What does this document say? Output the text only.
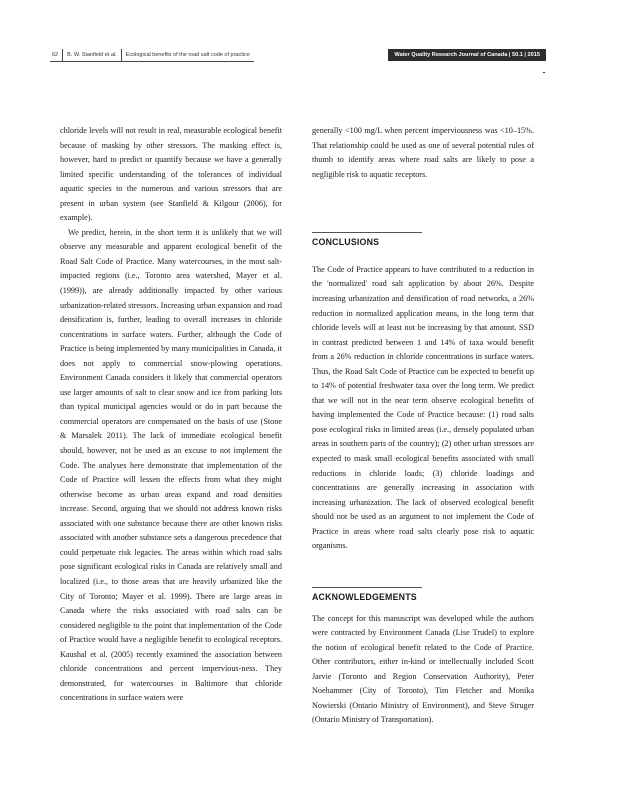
62	B. W. Stanfield et al.	Ecological benefits of the road salt code of practice	Water Quality Research Journal of Canada | 50.1 | 2015

chloride levels will not result in real, measurable ecological benefit because of masking by other stressors. The masking effect is, however, hard to predict or quantify because we have a generally limited specific understanding of the tolerances of individual aquatic species to the numerous and various stressors that are present in urban system (see Stanfield & Kilgour (2006), for example).

We predict, herein, in the short term it is unlikely that we will observe any measurable and apparent ecological benefit of the Road Salt Code of Practice. Many watercourses, in the most salt-impacted regions (i.e., Toronto area watershed, Mayer et al. (1999)), are already additionally impacted by other various urbanization-related stressors. Increasing urban expansion and road densification is, further, leading to overall increases in chloride concentrations in surface waters. Further, although the Code of Practice is being implemented by many municipalities in Canada, it does not apply to commercial snow-plowing operations. Environment Canada considers it likely that commercial operators use larger amounts of salt to clear snow and ice from parking lots than typical municipal agencies would or do in part because the commercial operators are compensated on the basis of use (Stone & Marsalek 2011). The lack of immediate ecological benefit should, however, not be used as an excuse to not implement the Code. The analyses here demonstrate that implementation of the Code of Practice will lessen the effects from what they might otherwise become as urban areas expand and road densities increase. Second, arguing that we should not address known risks associated with one substance because there are other known risks associated with another substance sets a dangerous precedence that could perpetuate risk legacies. The areas within which road salts pose significant ecological risks in Canada are relatively small and localized (i.e., to those areas that are heavily urbanized like the City of Toronto; Mayer et al. 1999). There are large areas in Canada where the risks associated with road salts can be considered negligible to the point that implementation of the Code of Practice would have a negligible benefit to ecological receptors. Kaushal et al. (2005) recently examined the association between chloride concentrations and percent impervious-ness. They demonstrated, for watercourses in Baltimore that chloride concentrations in surface waters were

generally <100 mg/L when percent imperviousness was <10–15%. That relationship could be used as one of several potential rules of thumb to identify areas where road salts are likely to pose a negligible risk to aquatic receptors.

CONCLUSIONS

The Code of Practice appears to have contributed to a reduction in the 'normalized' road salt application by about 26%. Despite increasing urbanization and densification of road networks, a 26% reduction in normalized application means, in the long term that chloride levels will at least not be increasing by that amount. SSD in contrast predicted between 1 and 14% of taxa would benefit from a 26% reduction in chloride concentrations in surface waters. Thus, the Road Salt Code of Practice can be expected to benefit up to 14% of potential freshwater taxa over the long term. We predict that we will not in the near term observe ecological benefits of having implemented the Code of Practice because: (1) road salts pose ecological risks in limited areas (i.e., densely populated urban areas in southern parts of the country); (2) other urban stressors are expected to mask small ecological benefits associated with small reductions in chloride loads; (3) chloride loadings and concentrations are generally increasing in association with increasing urbanization. The lack of observed ecological benefit should not be used as an argument to not implement the Code of Practice in areas where road salts clearly pose risk to aquatic organisms.

ACKNOWLEDGEMENTS

The concept for this manuscript was developed while the authors were contracted by Environment Canada (Lise Trudel) to explore the notion of ecological benefit related to the Code of Practice. Other contributors, either in-kind or intellectually included Scott Jarvie (Toronto and Region Conservation Authority), Peter Noehammer (City of Toronto), Tim Fletcher and Monika Nowierski (Ontario Ministry of Environment), and Steve Struger (Ontario Ministry of Transportation).
